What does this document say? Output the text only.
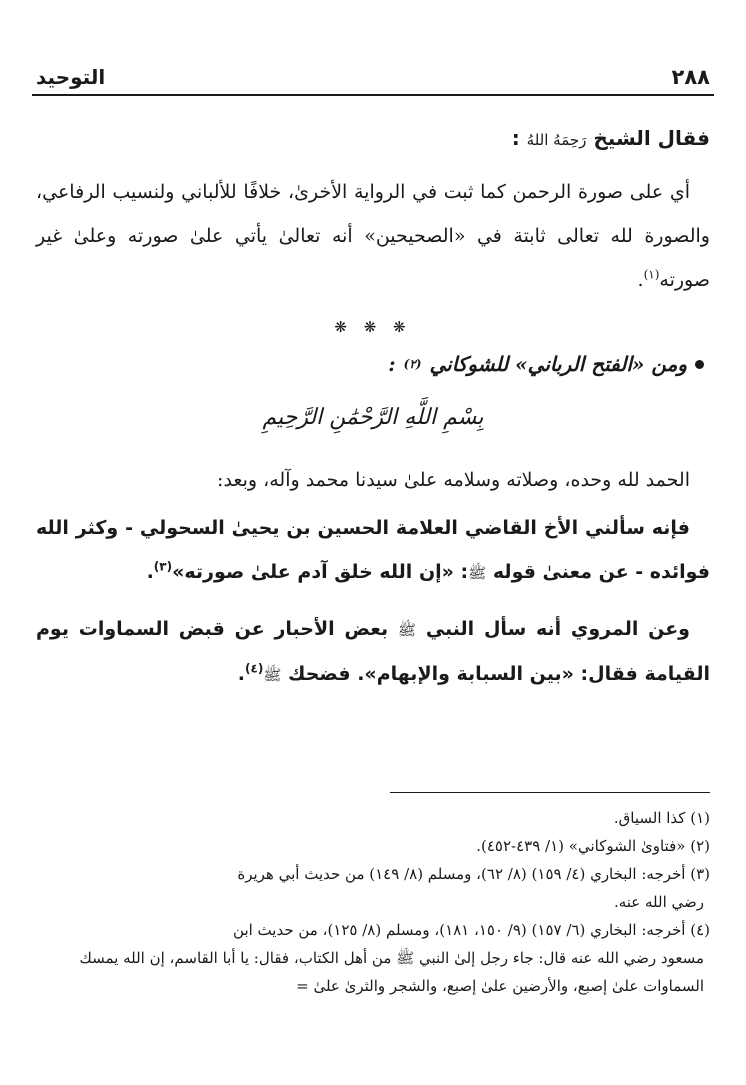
٢٨٨
التوحيد

فقال الشيخ رَحِمَهُ اللهُ :

أي على صورة الرحمن كما ثبت في الرواية الأخرىٰ، خلافًا للألباني ولنسيب الرفاعي، والصورة لله تعالى ثابتة في «الصحيحين» أنه تعالىٰ يأتي علىٰ صورته وعلىٰ غير صورته$^{(١)}$.

❋ ❋ ❋
ومن «الفتح الرباني» للشوكاني
(٢)
:
بِسْمِ اللَّهِ الرَّحْمَٰنِ الرَّحِيمِ

الحمد لله وحده، وصلاته وسلامه علىٰ سيدنا محمد وآله، وبعد:

فإنه سألني الأخ القاضي العلامة الحسين بن يحيىٰ السحولي - وكثر الله فوائده - عن معنىٰ قوله ﷺ: «إن الله خلق آدم علىٰ صورته»$^{(٣)}$.

وعن المروي أنه سأل النبي ﷺ بعض الأحبار عن قبض السماوات يوم القيامة فقال: «بين السبابة والإبهام». فضحك ﷺ$^{(٤)}$.

(١) كذا السياق.

(٢) «فتاوىٰ الشوكاني» (١/ ٤٣٩-٤٥٢).

(٣) أخرجه: البخاري (٤/ ١٥٩) (٨/ ٦٢)، ومسلم (٨/ ١٤٩) من حديث أبي هريرة
رضي الله عنه.

(٤) أخرجه: البخاري (٦/ ١٥٧) (٩/ ١٥٠، ١٨١)، ومسلم (٨/ ١٢٥)، من حديث ابن
مسعود رضي الله عنه قال: جاء رجل إلىٰ النبي ﷺ من أهل الكتاب، فقال: يا أبا القاسم، إن الله يمسك السماوات علىٰ إصبع، والأرضين علىٰ إصبع، والشجر والثرىٰ علىٰ =
